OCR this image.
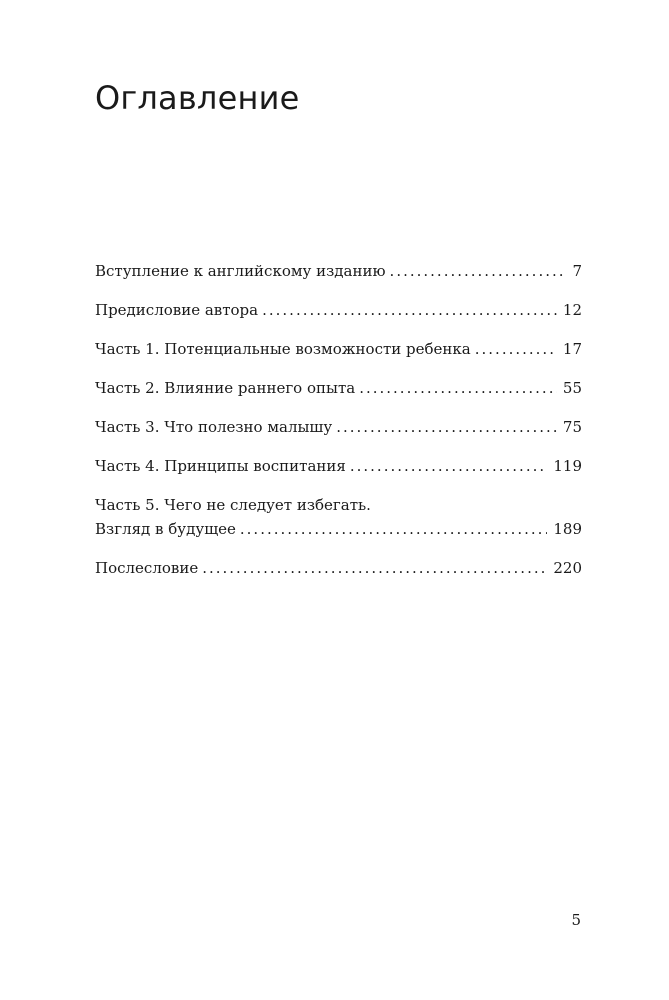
Оглавление
Вступление к английскому изданию .....	7
Предисловие автора .....	12
Часть 1. Потенциальные возможности ребенка .....	17
Часть 2. Влияние раннего опыта .....	55
Часть 3. Что полезно малышу .....	75
Часть 4. Принципы воспитания .....	119
Часть 5. Чего не следует избегать.
Взгляд в будущее .....	189
Послесловие .....	220
5
